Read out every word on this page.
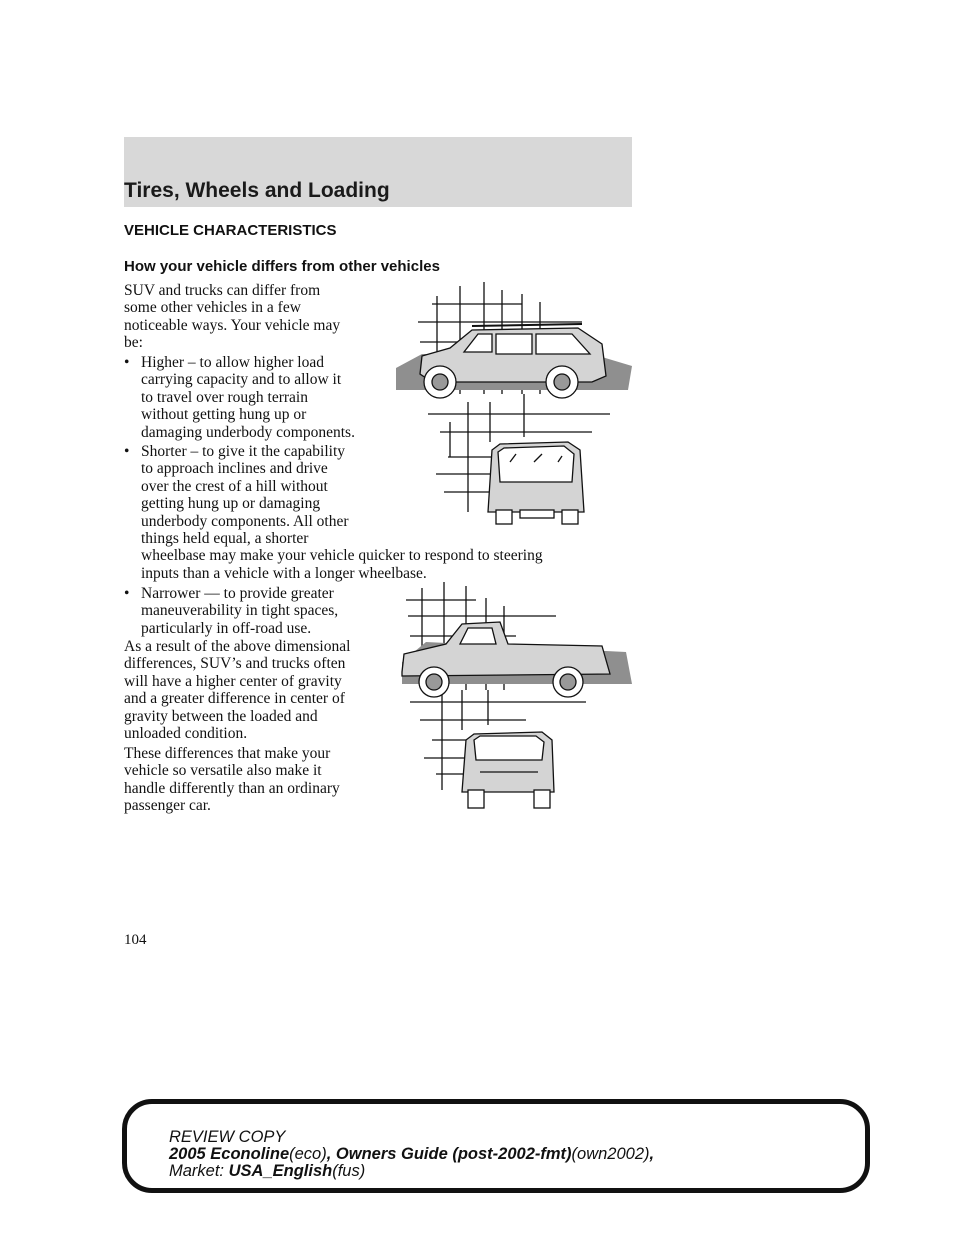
Tires, Wheels and Loading
VEHICLE CHARACTERISTICS
How your vehicle differs from other vehicles
SUV and trucks can differ from
some other vehicles in a few
noticeable ways. Your vehicle may
be:
• Higher – to allow higher load
carrying capacity and to allow it
to travel over rough terrain
without getting hung up or
damaging underbody components.
• Shorter – to give it the capability
to approach inclines and drive
over the crest of a hill without
getting hung up or damaging
underbody components. All other
things held equal, a shorter
wheelbase may make your vehicle quicker to respond to steering
inputs than a vehicle with a longer wheelbase.
• Narrower — to provide greater
maneuverability in tight spaces,
particularly in off-road use.
As a result of the above dimensional
differences, SUV’s and trucks often
will have a higher center of gravity
and a greater difference in center of
gravity between the loaded and
unloaded condition.
These differences that make your
vehicle so versatile also make it
handle differently than an ordinary
passenger car.
104
REVIEW COPY
2005 Econoline(eco), Owners Guide (post-2002-fmt)(own2002),
Market: USA_English(fus)
